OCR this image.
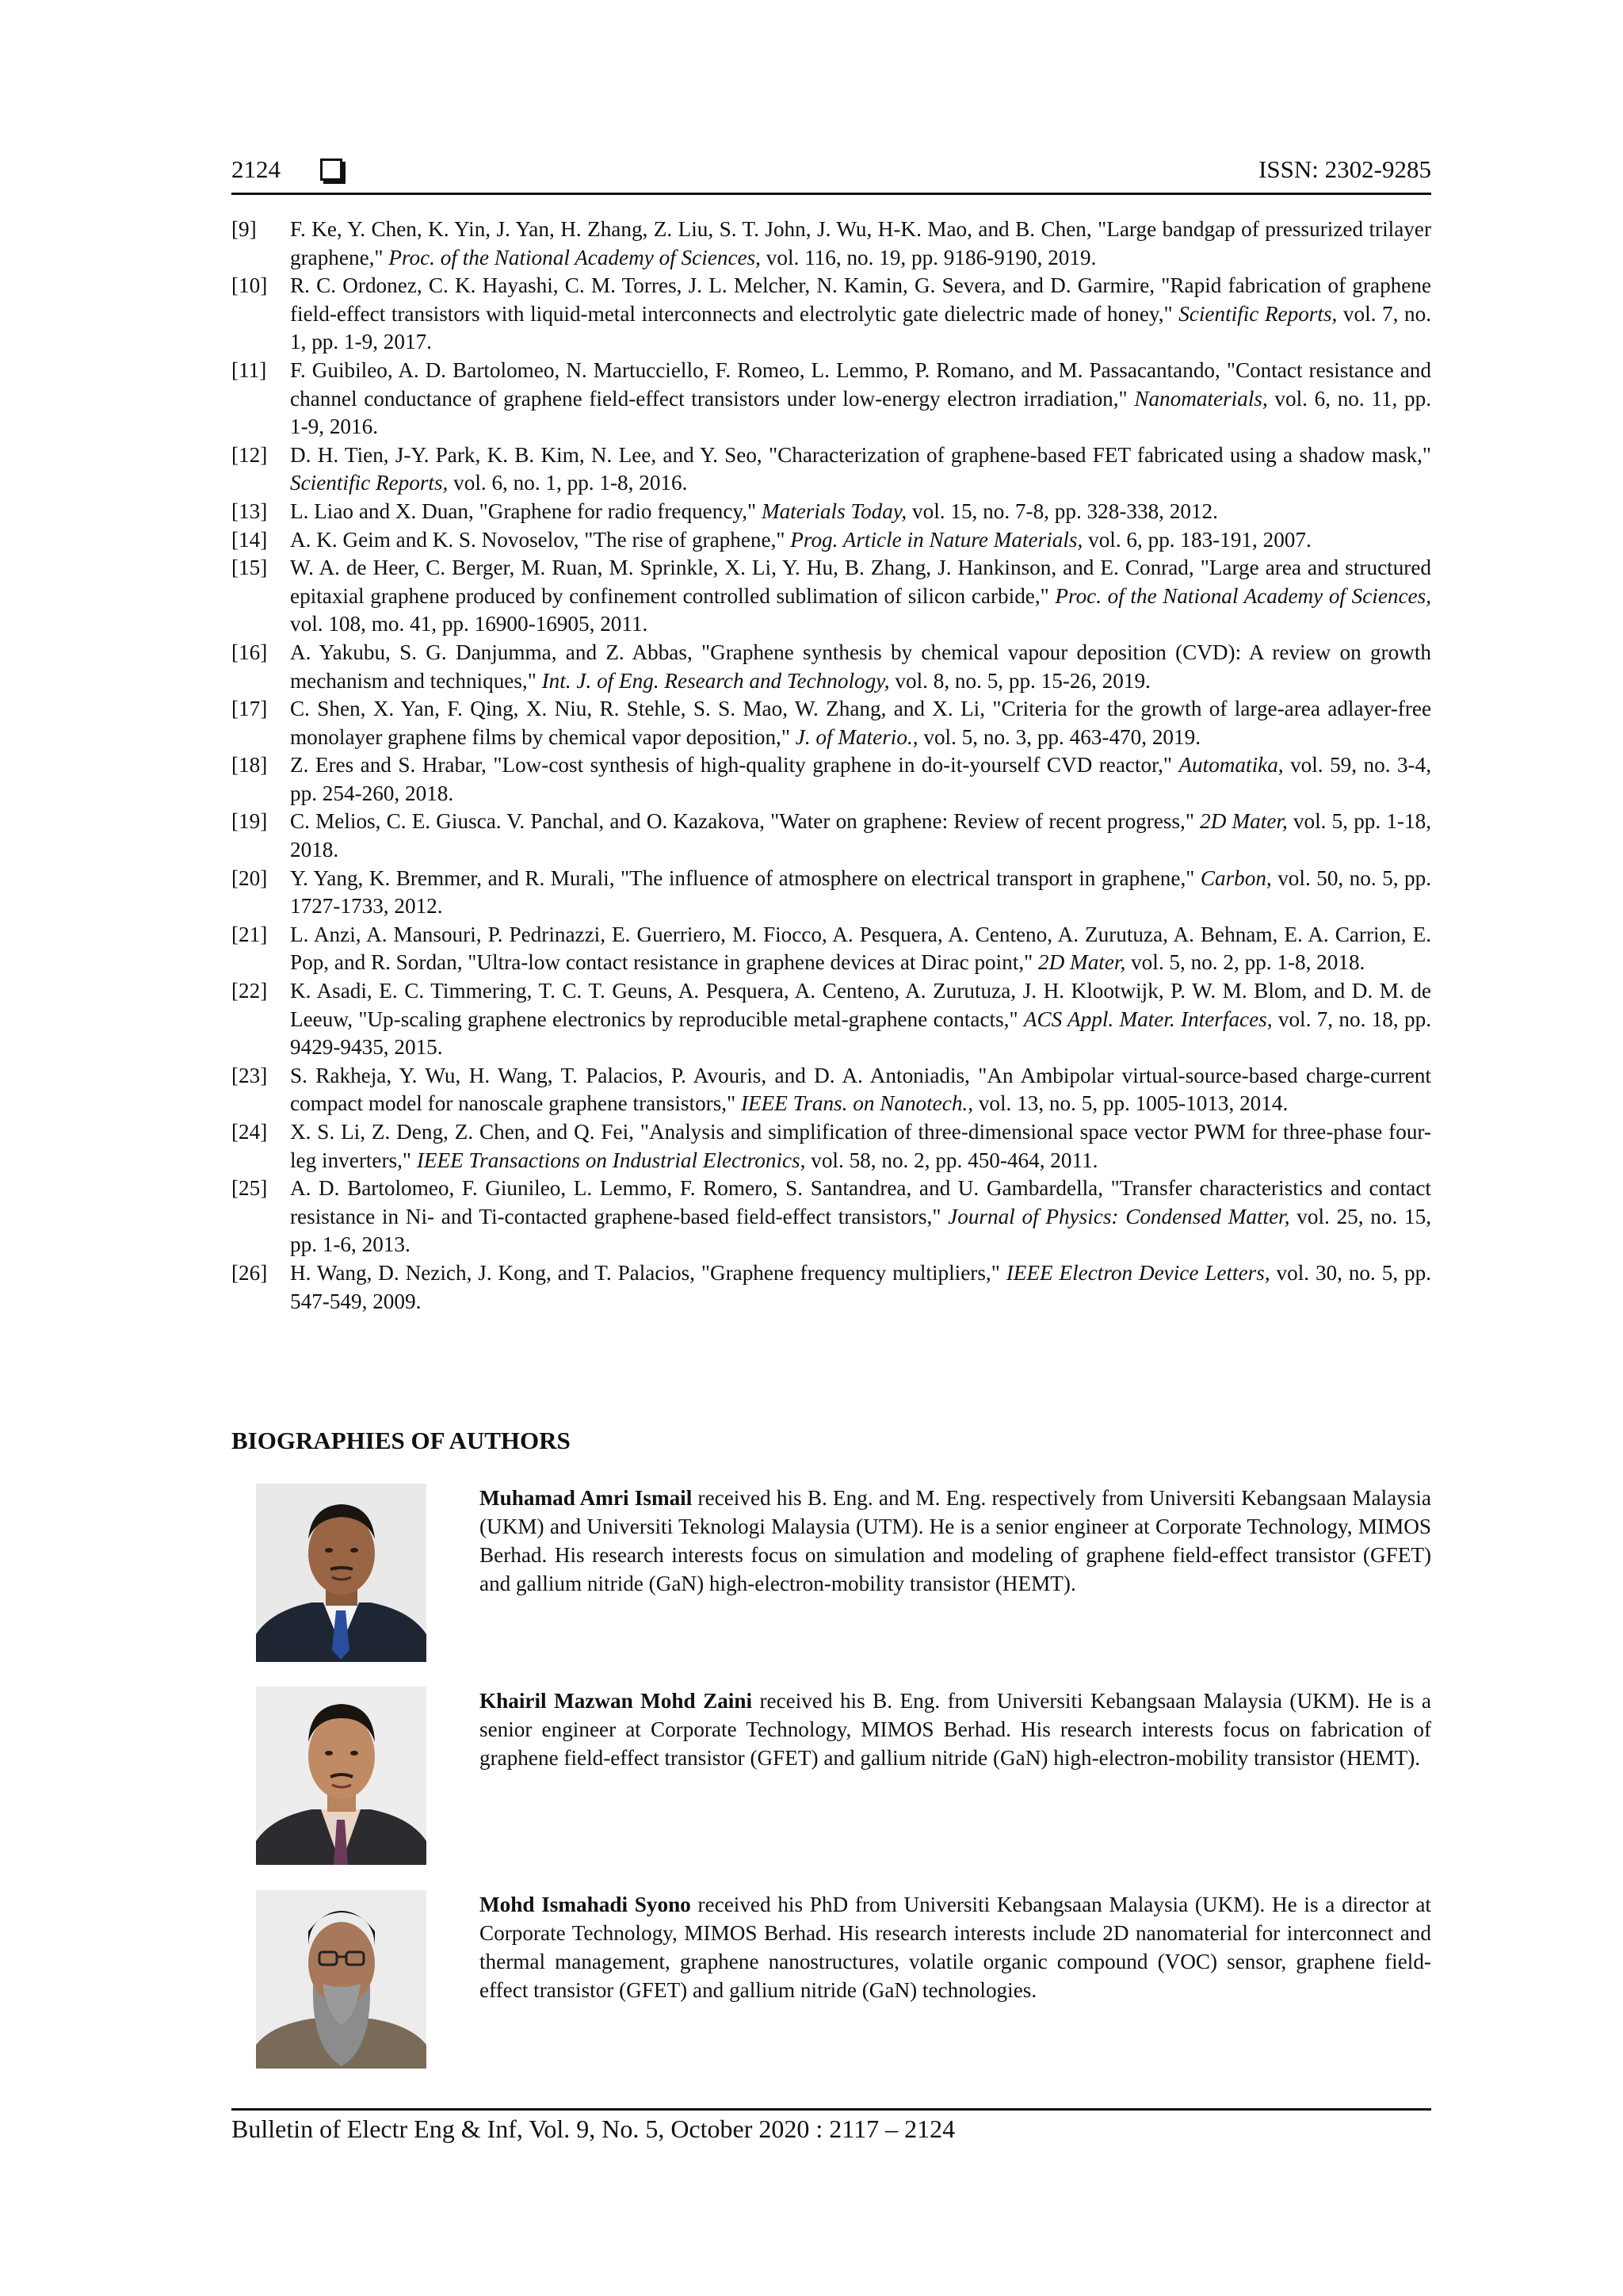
2124	ISSN: 2302-9285
[9] F. Ke, Y. Chen, K. Yin, J. Yan, H. Zhang, Z. Liu, S. T. John, J. Wu, H-K. Mao, and B. Chen, "Large bandgap of pressurized trilayer graphene," Proc. of the National Academy of Sciences, vol. 116, no. 19, pp. 9186-9190, 2019.
[10] R. C. Ordonez, C. K. Hayashi, C. M. Torres, J. L. Melcher, N. Kamin, G. Severa, and D. Garmire, "Rapid fabrication of graphene field-effect transistors with liquid-metal interconnects and electrolytic gate dielectric made of honey," Scientific Reports, vol. 7, no. 1, pp. 1-9, 2017.
[11] F. Guibileo, A. D. Bartolomeo, N. Martucciello, F. Romeo, L. Lemmo, P. Romano, and M. Passacantando, "Contact resistance and channel conductance of graphene field-effect transistors under low-energy electron irradiation," Nanomaterials, vol. 6, no. 11, pp. 1-9, 2016.
[12] D. H. Tien, J-Y. Park, K. B. Kim, N. Lee, and Y. Seo, "Characterization of graphene-based FET fabricated using a shadow mask," Scientific Reports, vol. 6, no. 1, pp. 1-8, 2016.
[13] L. Liao and X. Duan, "Graphene for radio frequency," Materials Today, vol. 15, no. 7-8, pp. 328-338, 2012.
[14] A. K. Geim and K. S. Novoselov, "The rise of graphene," Prog. Article in Nature Materials, vol. 6, pp. 183-191, 2007.
[15] W. A. de Heer, C. Berger, M. Ruan, M. Sprinkle, X. Li, Y. Hu, B. Zhang, J. Hankinson, and E. Conrad, "Large area and structured epitaxial graphene produced by confinement controlled sublimation of silicon carbide," Proc. of the National Academy of Sciences, vol. 108, mo. 41, pp. 16900-16905, 2011.
[16] A. Yakubu, S. G. Danjumma, and Z. Abbas, "Graphene synthesis by chemical vapour deposition (CVD): A review on growth mechanism and techniques," Int. J. of Eng. Research and Technology, vol. 8, no. 5, pp. 15-26, 2019.
[17] C. Shen, X. Yan, F. Qing, X. Niu, R. Stehle, S. S. Mao, W. Zhang, and X. Li, "Criteria for the growth of large-area adlayer-free monolayer graphene films by chemical vapor deposition," J. of Materio., vol. 5, no. 3, pp. 463-470, 2019.
[18] Z. Eres and S. Hrabar, "Low-cost synthesis of high-quality graphene in do-it-yourself CVD reactor," Automatika, vol. 59, no. 3-4, pp. 254-260, 2018.
[19] C. Melios, C. E. Giusca. V. Panchal, and O. Kazakova, "Water on graphene: Review of recent progress," 2D Mater, vol. 5, pp. 1-18, 2018.
[20] Y. Yang, K. Bremmer, and R. Murali, "The influence of atmosphere on electrical transport in graphene," Carbon, vol. 50, no. 5, pp. 1727-1733, 2012.
[21] L. Anzi, A. Mansouri, P. Pedrinazzi, E. Guerriero, M. Fiocco, A. Pesquera, A. Centeno, A. Zurutuza, A. Behnam, E. A. Carrion, E. Pop, and R. Sordan, "Ultra-low contact resistance in graphene devices at Dirac point," 2D Mater, vol. 5, no. 2, pp. 1-8, 2018.
[22] K. Asadi, E. C. Timmering, T. C. T. Geuns, A. Pesquera, A. Centeno, A. Zurutuza, J. H. Klootwijk, P. W. M. Blom, and D. M. de Leeuw, "Up-scaling graphene electronics by reproducible metal-graphene contacts," ACS Appl. Mater. Interfaces, vol. 7, no. 18, pp. 9429-9435, 2015.
[23] S. Rakheja, Y. Wu, H. Wang, T. Palacios, P. Avouris, and D. A. Antoniadis, "An Ambipolar virtual-source-based charge-current compact model for nanoscale graphene transistors," IEEE Trans. on Nanotech., vol. 13, no. 5, pp. 1005-1013, 2014.
[24] X. S. Li, Z. Deng, Z. Chen, and Q. Fei, "Analysis and simplification of three-dimensional space vector PWM for three-phase four-leg inverters," IEEE Transactions on Industrial Electronics, vol. 58, no. 2, pp. 450-464, 2011.
[25] A. D. Bartolomeo, F. Giunileo, L. Lemmo, F. Romero, S. Santandrea, and U. Gambardella, "Transfer characteristics and contact resistance in Ni- and Ti-contacted graphene-based field-effect transistors," Journal of Physics: Condensed Matter, vol. 25, no. 15, pp. 1-6, 2013.
[26] H. Wang, D. Nezich, J. Kong, and T. Palacios, "Graphene frequency multipliers," IEEE Electron Device Letters, vol. 30, no. 5, pp. 547-549, 2009.
BIOGRAPHIES OF AUTHORS
Muhamad Amri Ismail received his B. Eng. and M. Eng. respectively from Universiti Kebangsaan Malaysia (UKM) and Universiti Teknologi Malaysia (UTM). He is a senior engineer at Corporate Technology, MIMOS Berhad. His research interests focus on simulation and modeling of graphene field-effect transistor (GFET) and gallium nitride (GaN) high-electron-mobility transistor (HEMT).
Khairil Mazwan Mohd Zaini received his B. Eng. from Universiti Kebangsaan Malaysia (UKM). He is a senior engineer at Corporate Technology, MIMOS Berhad. His research interests focus on fabrication of graphene field-effect transistor (GFET) and gallium nitride (GaN) high-electron-mobility transistor (HEMT).
Mohd Ismahadi Syono received his PhD from Universiti Kebangsaan Malaysia (UKM). He is a director at Corporate Technology, MIMOS Berhad. His research interests include 2D nanomaterial for interconnect and thermal management, graphene nanostructures, volatile organic compound (VOC) sensor, graphene field-effect transistor (GFET) and gallium nitride (GaN) technologies.
Bulletin of Electr Eng & Inf, Vol. 9, No. 5, October 2020 : 2117 – 2124
